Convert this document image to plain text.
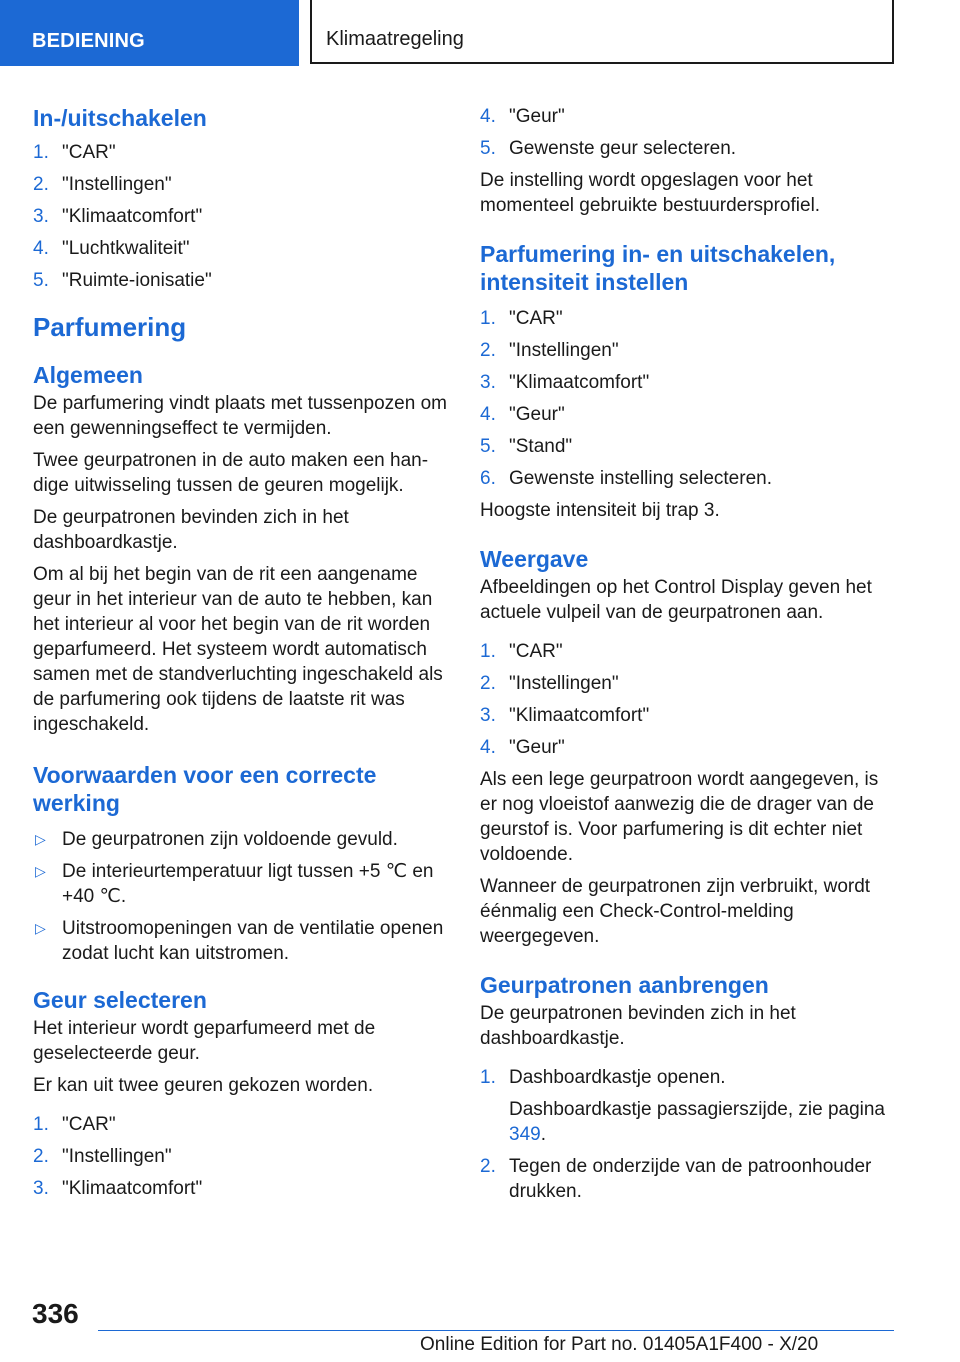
BEDIENING	Klimaatregeling
In-/uitschakelen
1. "CAR"
2. "Instellingen"
3. "Klimaatcomfort"
4. "Luchtkwaliteit"
5. "Ruimte-ionisatie"
Parfumering
Algemeen

De parfumering vindt plaats met tussenpozen om een gewenningseffect te vermijden.

Twee geurpatronen in de auto maken een handige uitwisseling tussen de geuren mogelijk.

De geurpatronen bevinden zich in het dashboardkastje.

Om al bij het begin van de rit een aangename geur in het interieur van de auto te hebben, kan het interieur al voor het begin van de rit worden geparfumeerd. Het systeem wordt automatisch samen met de standverluchting ingeschakeld als de parfumering ook tijdens de laatste rit was ingeschakeld.

Voorwaarden voor een correcte werking
▷ De geurpatronen zijn voldoende gevuld.
▷ De interieurtemperatuur ligt tussen +5 ℃ en +40 ℃.
▷ Uitstroomopeningen van de ventilatie openen zodat lucht kan uitstromen.
Geur selecteren

Het interieur wordt geparfumeerd met de geselecteerde geur.

Er kan uit twee geuren gekozen worden.

1. "CAR"
2. "Instellingen"
3. "Klimaatcomfort"
4. "Geur"
5. Gewenste geur selecteren.

De instelling wordt opgeslagen voor het momenteel gebruikte bestuurdersprofiel.

Parfumering in- en uitschakelen, intensiteit instellen
1. "CAR"
2. "Instellingen"
3. "Klimaatcomfort"
4. "Geur"
5. "Stand"
6. Gewenste instelling selecteren.

Hoogste intensiteit bij trap 3.

Weergave

Afbeeldingen op het Control Display geven het actuele vulpeil van de geurpatronen aan.

1. "CAR"
2. "Instellingen"
3. "Klimaatcomfort"
4. "Geur"

Als een lege geurpatroon wordt aangegeven, is er nog vloeistof aanwezig die de drager van de geurstof is. Voor parfumering is dit echter niet voldoende.

Wanneer de geurpatronen zijn verbruikt, wordt éénmalig een Check-Control-melding weergegeven.

Geurpatronen aanbrengen

De geurpatronen bevinden zich in het dashboardkastje.

1. Dashboardkastje openen.
Dashboardkastje passagierszijde, zie pagina 349.
2. Tegen de onderzijde van de patroonhouder drukken.
336
Online Edition for Part no. 01405A1F400 - X/20
